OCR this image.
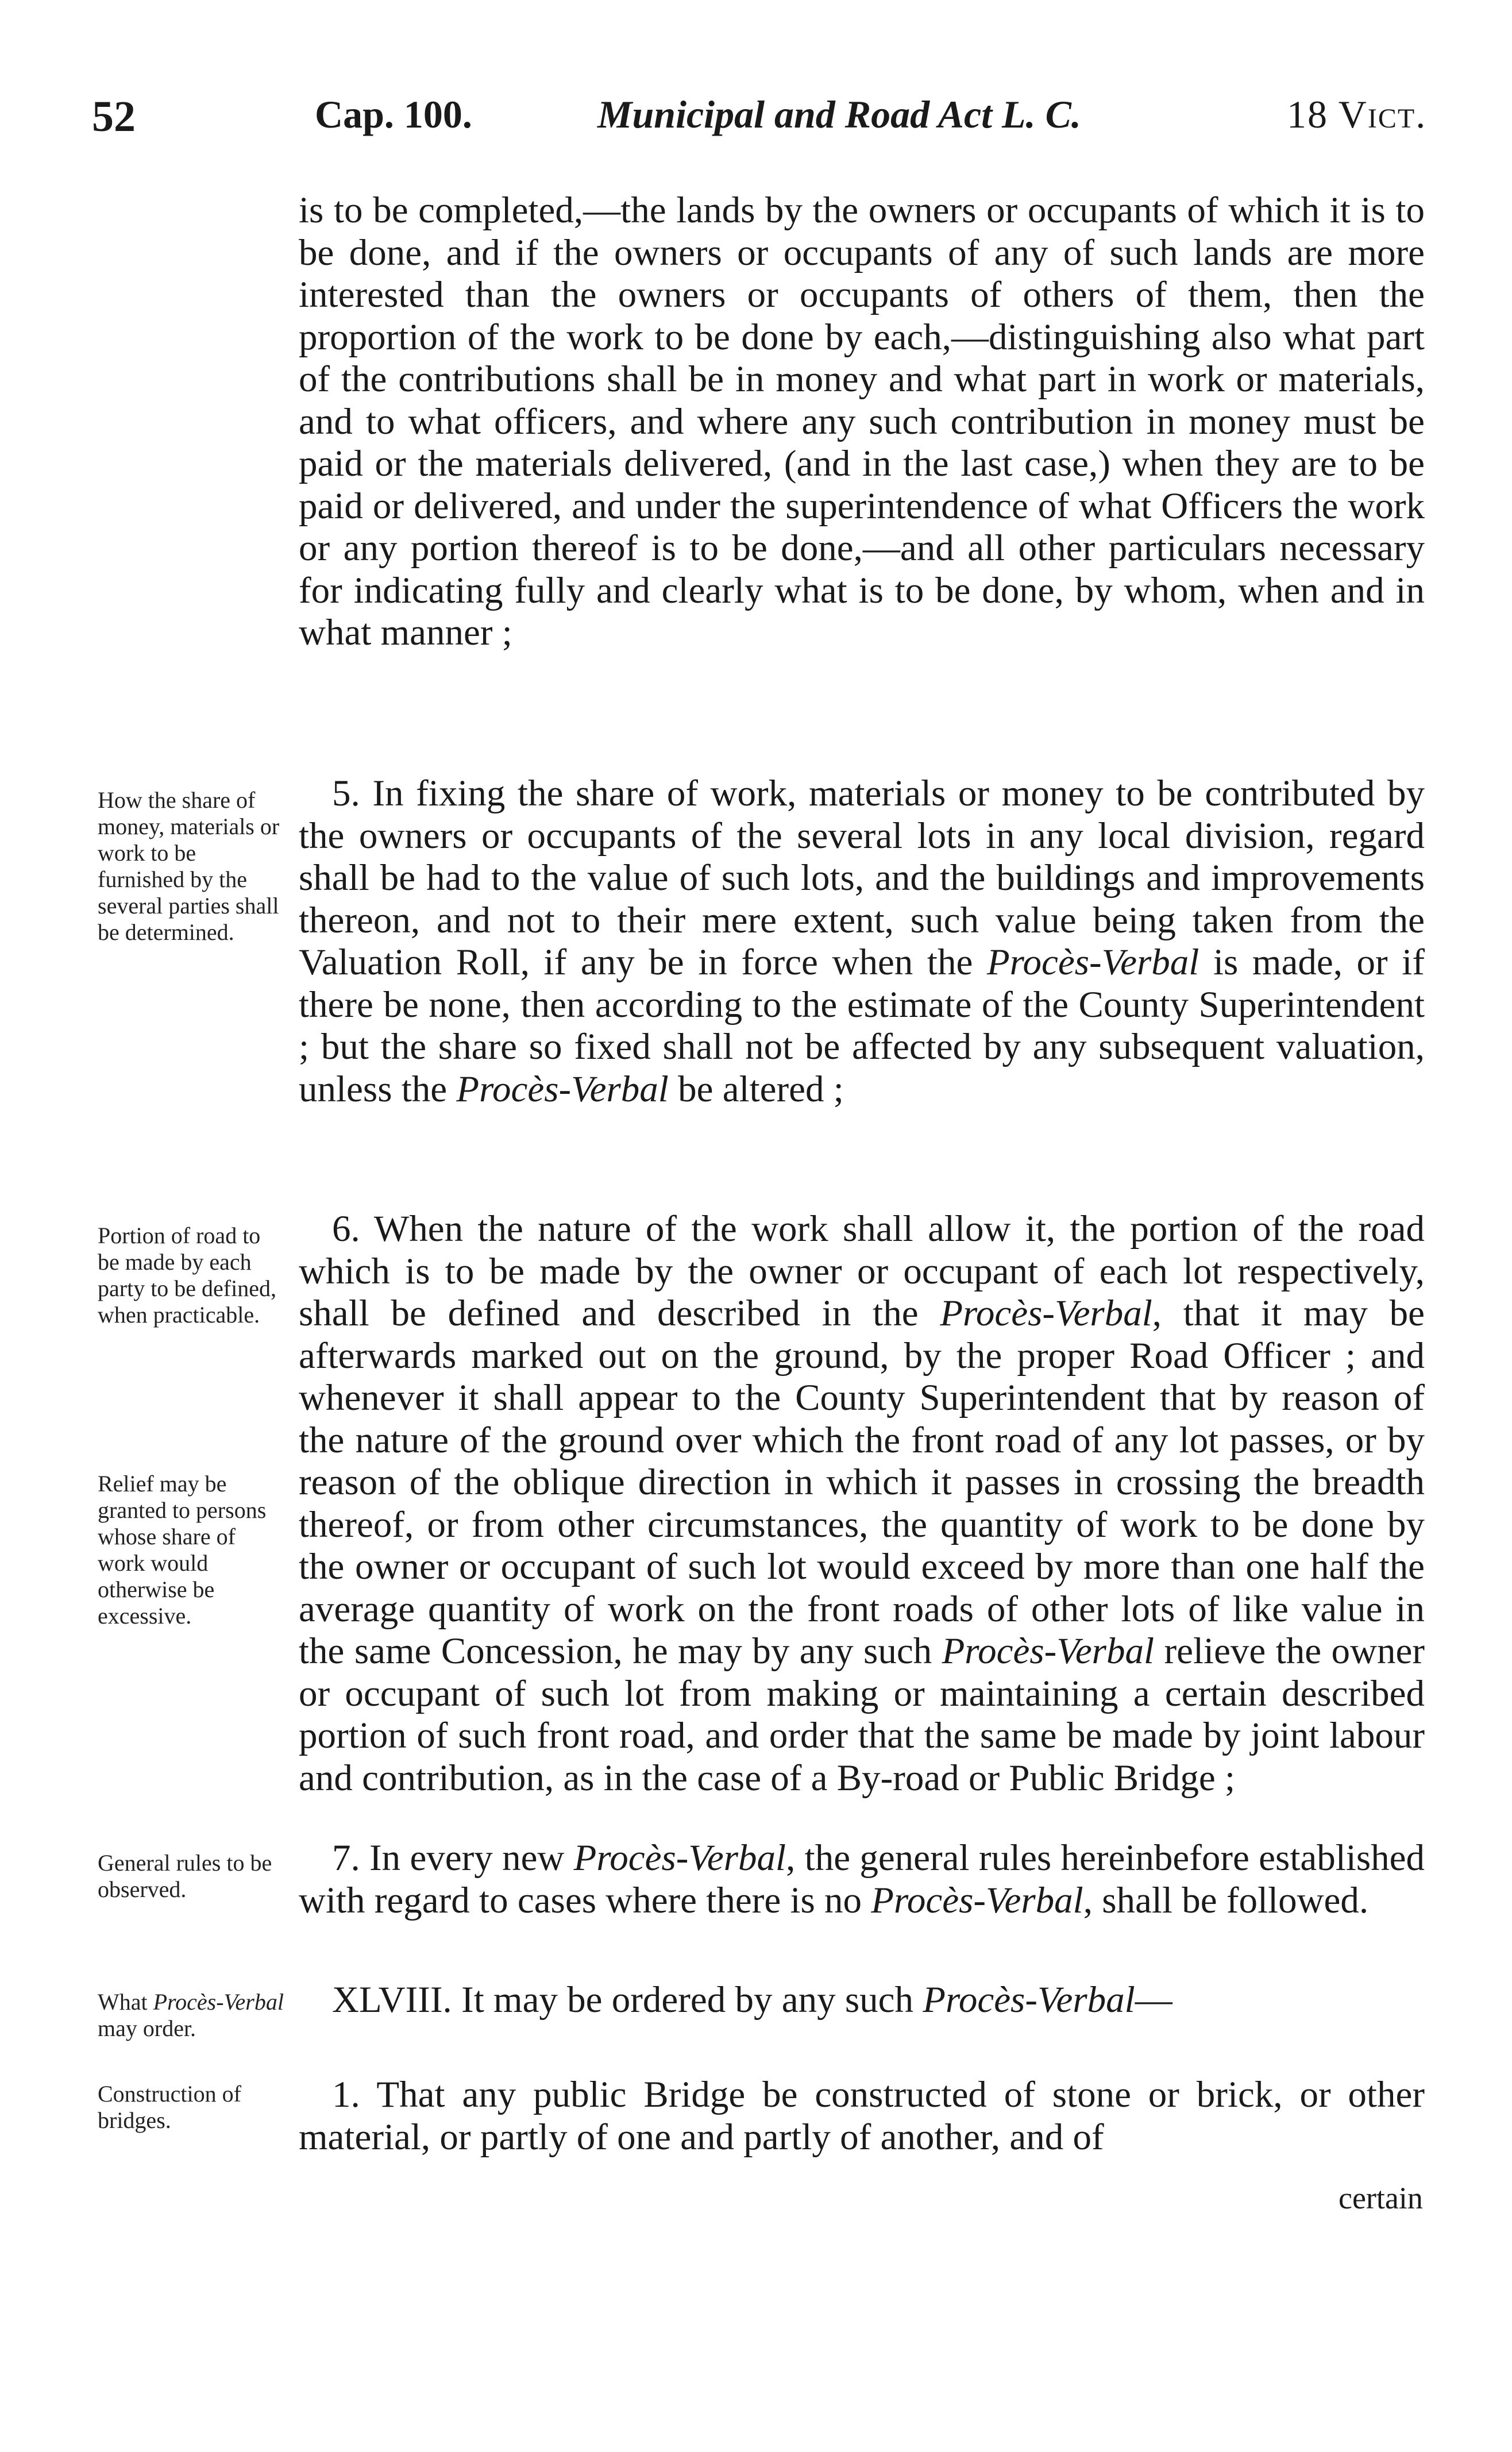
52	Cap. 100.	Municipal and Road Act L. C.	18 Vict.

is to be completed,—the lands by the owners or occupants of which it is to be done, and if the owners or occupants of any of such lands are more interested than the owners or occupants of others of them, then the proportion of the work to be done by each,—distinguishing also what part of the contributions shall be in money and what part in work or materials, and to what officers, and where any such contribution in money must be paid or the materials delivered, (and in the last case,) when they are to be paid or delivered, and under the superintendence of what Officers the work or any portion thereof is to be done,—and all other particulars necessary for indicating fully and clearly what is to be done, by whom, when and in what manner ;

5. In fixing the share of work, materials or money to be contributed by the owners or occupants of the several lots in any local division, regard shall be had to the value of such lots, and the buildings and improvements thereon, and not to their mere extent, such value being taken from the Valuation Roll, if any be in force when the Procès-Verbal is made, or if there be none, then according to the estimate of the County Superintendent ; but the share so fixed shall not be affected by any subsequent valuation, unless the Procès-Verbal be altered ;

6. When the nature of the work shall allow it, the portion of the road which is to be made by the owner or occupant of each lot respectively, shall be defined and described in the Procès-Verbal, that it may be afterwards marked out on the ground, by the proper Road Officer ; and whenever it shall appear to the County Superintendent that by reason of the nature of the ground over which the front road of any lot passes, or by reason of the oblique direction in which it passes in crossing the breadth thereof, or from other circumstances, the quantity of work to be done by the owner or occupant of such lot would exceed by more than one half the average quantity of work on the front roads of other lots of like value in the same Concession, he may by any such Procès-Verbal relieve the owner or occupant of such lot from making or maintaining a certain described portion of such front road, and order that the same be made by joint labour and contribution, as in the case of a By-road or Public Bridge ;

7. In every new Procès-Verbal, the general rules hereinbefore established with regard to cases where there is no Procès-Verbal, shall be followed.

XLVIII. It may be ordered by any such Procès-Verbal—

1. That any public Bridge be constructed of stone or brick, or other material, or partly of one and partly of another, and of

certain
How the share of money, materials or work to be furnished by the several parties shall be determined.
Portion of road to be made by each party to be defined, when practicable.
Relief may be granted to persons whose share of work would otherwise be excessive.
General rules to be observed.
What Procès-Verbal may order.
Construction of bridges.
